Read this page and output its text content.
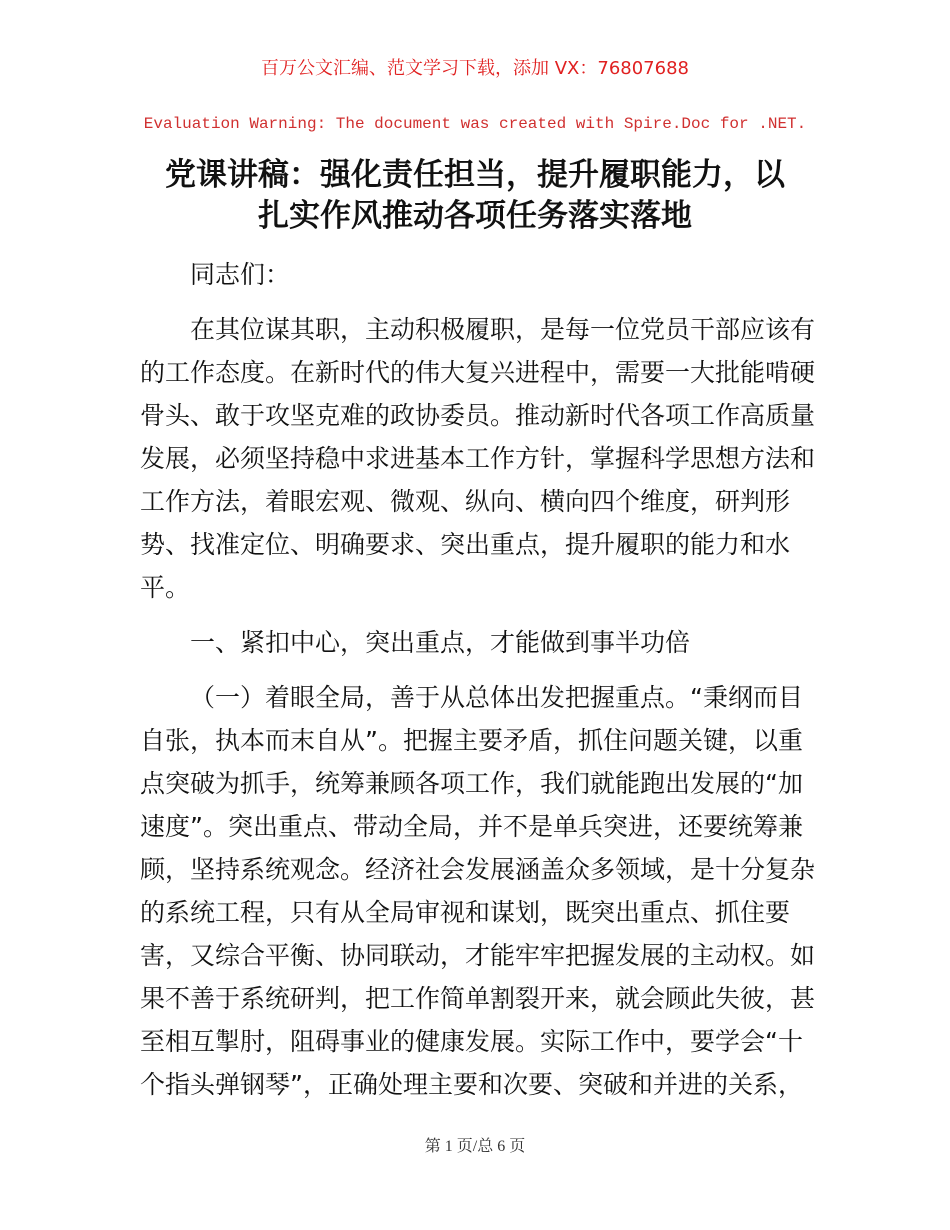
百万公文汇编、范文学习下载，添加 VX：76807688
Evaluation Warning: The document was created with Spire.Doc for .NET.
党课讲稿：强化责任担当，提升履职能力，以
扎实作风推动各项任务落实落地
同志们：
在其位谋其职，主动积极履职，是每一位党员干部应该有
的工作态度。在新时代的伟大复兴进程中，需要一大批能啃硬
骨头、敢于攻坚克难的政协委员。推动新时代各项工作高质量
发展，必须坚持稳中求进基本工作方针，掌握科学思想方法和
工作方法，着眼宏观、微观、纵向、横向四个维度，研判形
势、找准定位、明确要求、突出重点，提升履职的能力和水
平。
一、紧扣中心，突出重点，才能做到事半功倍
（一）着眼全局，善于从总体出发把握重点。“秉纲而目
自张，执本而末自从”。把握主要矛盾，抓住问题关键，以重
点突破为抓手，统筹兼顾各项工作，我们就能跑出发展的“加
速度”。突出重点、带动全局，并不是单兵突进，还要统筹兼
顾，坚持系统观念。经济社会发展涵盖众多领域，是十分复杂
的系统工程，只有从全局审视和谋划，既突出重点、抓住要
害，又综合平衡、协同联动，才能牢牢把握发展的主动权。如
果不善于系统研判，把工作简单割裂开来，就会顾此失彼，甚
至相互掣肘，阻碍事业的健康发展。实际工作中，要学会“十
个指头弹钢琴”，正确处理主要和次要、突破和并进的关系，
第 1 页/总 6 页
